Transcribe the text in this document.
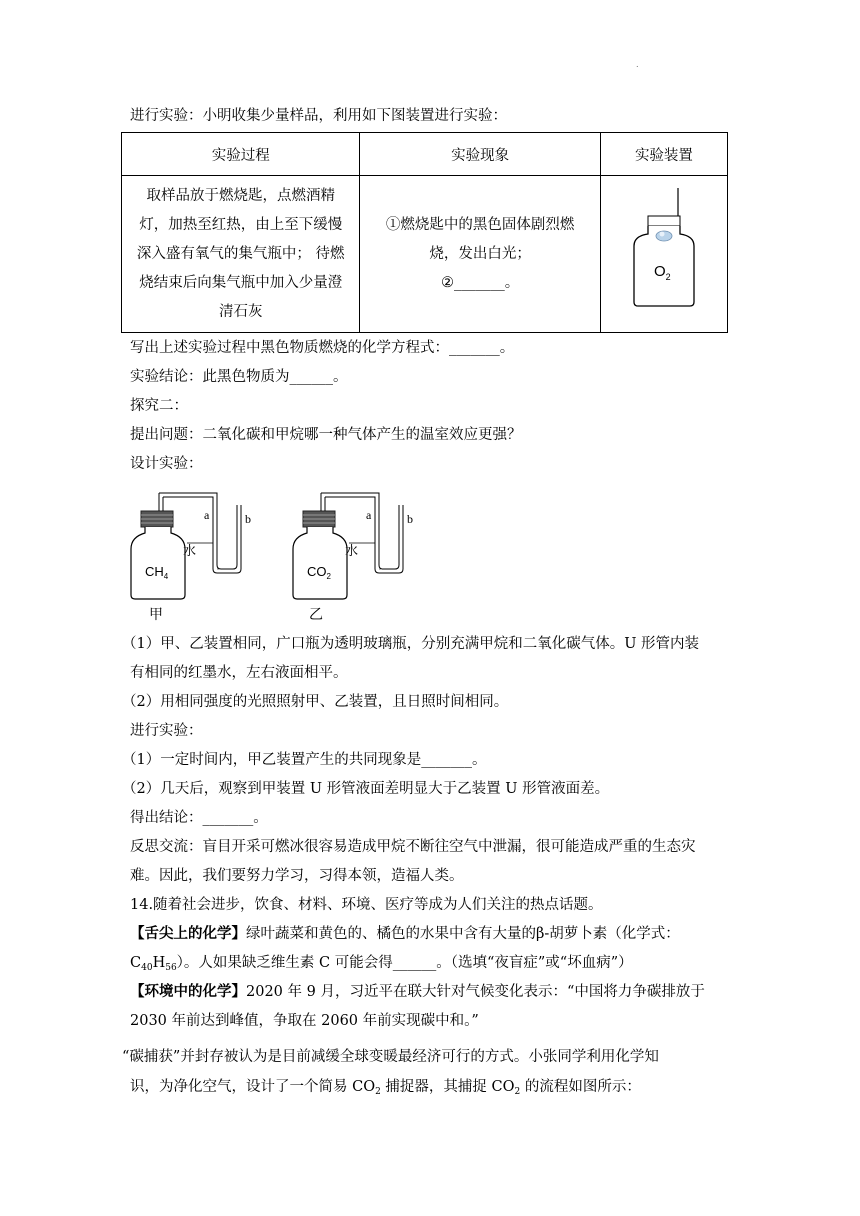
.
进行实验：小明收集少量样品，利用如下图装置进行实验：
实验过程	实验现象	实验装置
取样品放于燃烧匙，点燃酒精
灯，加热至红热，由上至下缓慢
深入盛有氧气的集气瓶中； 待燃
烧结束后向集气瓶中加入少量澄
清石灰	①燃烧匙中的黑色固体剧烈燃
烧，发出白光；
②_______。	$O_2$
写出上述实验过程中黑色物质燃烧的化学方程式：_______。
实验结论：此黑色物质为______。
探究二：
提出问题：二氧化碳和甲烷哪一种气体产生的温室效应更强？
设计实验：
a	b
水
$CH_4$
甲
a	b
水
$CO_2$
乙
（1）甲、乙装置相同，广口瓶为透明玻璃瓶，分别充满甲烷和二氧化碳气体。U 形管内装
有相同的红墨水，左右液面相平。
（2）用相同强度的光照照射甲、乙装置，且日照时间相同。
进行实验：
（1）一定时间内，甲乙装置产生的共同现象是_______。
（2）几天后，观察到甲装置 U 形管液面差明显大于乙装置 U 形管液面差。
得出结论：_______。
反思交流：盲目开采可燃冰很容易造成甲烷不断往空气中泄漏，很可能造成严重的生态灾
难。因此，我们要努力学习，习得本领，造福人类。
14.随着社会进步，饮食、材料、环境、医疗等成为人们关注的热点话题。
【舌尖上的化学】绿叶蔬菜和黄色的、橘色的水果中含有大量的β-胡萝卜素（化学式：
$C_{40}H_{56}$）。人如果缺乏维生素 C 可能会得______。（选填“夜盲症”或“坏血病”）
【环境中的化学】2020 年 9 月，习近平在联大针对气候变化表示：“中国将力争碳排放于
2030 年前达到峰值，争取在 2060 年前实现碳中和。”
“碳捕获”并封存被认为是目前减缓全球变暖最经济可行的方式。小张同学利用化学知
识，为净化空气，设计了一个简易 $CO_2$ 捕捉器，其捕捉 $CO_2$ 的流程如图所示：
